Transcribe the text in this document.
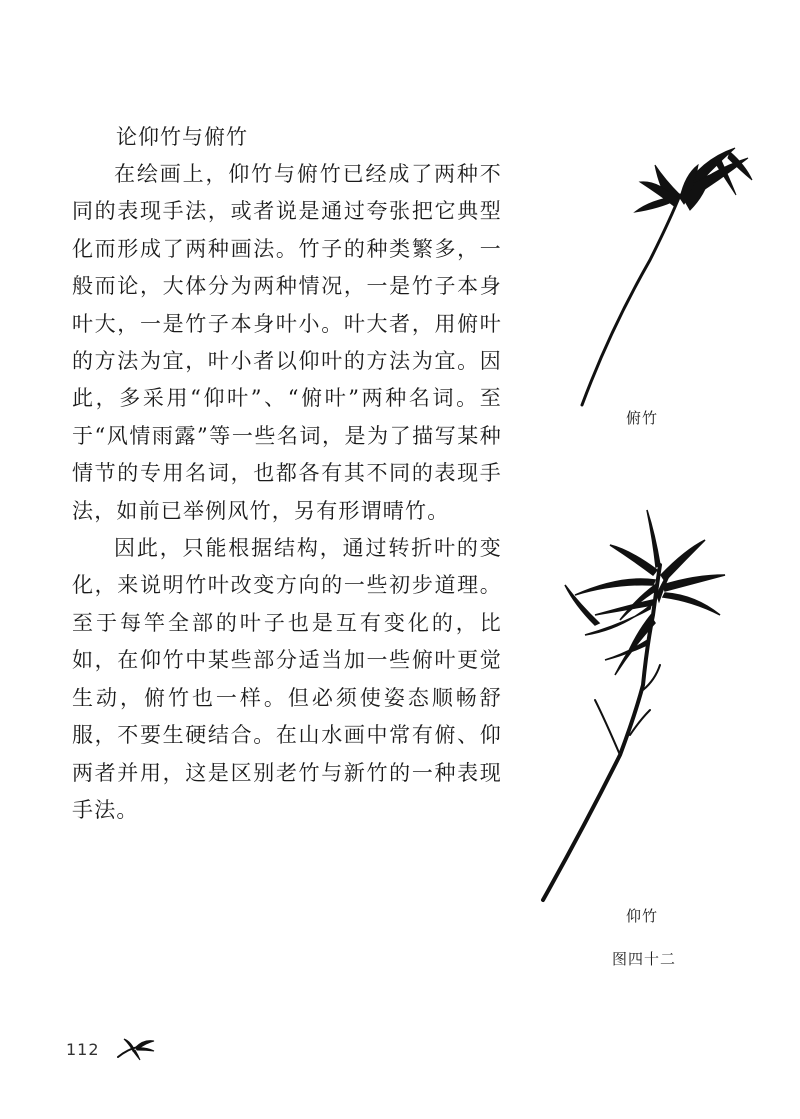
论仰竹与俯竹

在绘画上，仰竹与俯竹已经成了两种不同的表现手法，或者说是通过夸张把它典型化而形成了两种画法。竹子的种类繁多，一般而论，大体分为两种情况，一是竹子本身叶大，一是竹子本身叶小。叶大者，用俯叶的方法为宜，叶小者以仰叶的方法为宜。因此，多采用“仰叶”、“俯叶”两种名词。至于“风情雨露”等一些名词，是为了描写某种情节的专用名词，也都各有其不同的表现手法，如前已举例风竹，另有形谓晴竹。

因此，只能根据结构，通过转折叶的变化，来说明竹叶改变方向的一些初步道理。至于每竿全部的叶子也是互有变化的，比如，在仰竹中某些部分适当加一些俯叶更觉生动，俯竹也一样。但必须使姿态顺畅舒服，不要生硬结合。在山水画中常有俯、仰两者并用，这是区别老竹与新竹的一种表现手法。

俯竹
仰竹
图四十二
112
